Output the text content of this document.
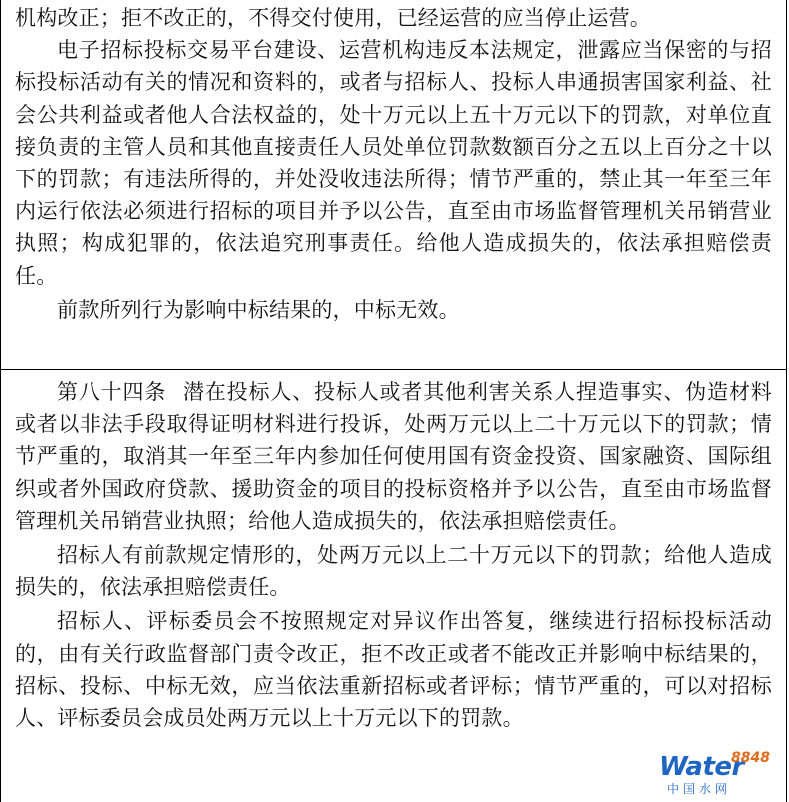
机构改正；拒不改正的，不得交付使用，已经运营的应当停止运营。

电子招标投标交易平台建设、运营机构违反本法规定，泄露应当保密的与招标投标活动有关的情况和资料的，或者与招标人、投标人串通损害国家利益、社会公共利益或者他人合法权益的，处十万元以上五十万元以下的罚款，对单位直接负责的主管人员和其他直接责任人员处单位罚款数额百分之五以上百分之十以下的罚款；有违法所得的，并处没收违法所得；情节严重的，禁止其一年至三年内运行依法必须进行招标的项目并予以公告，直至由市场监督管理机关吊销营业执照；构成犯罪的，依法追究刑事责任。给他人造成损失的，依法承担赔偿责任。

前款所列行为影响中标结果的，中标无效。

第八十四条 潜在投标人、投标人或者其他利害关系人捏造事实、伪造材料或者以非法手段取得证明材料进行投诉，处两万元以上二十万元以下的罚款；情节严重的，取消其一年至三年内参加任何使用国有资金投资、国家融资、国际组织或者外国政府贷款、援助资金的项目的投标资格并予以公告，直至由市场监督管理机关吊销营业执照；给他人造成损失的，依法承担赔偿责任。

招标人有前款规定情形的，处两万元以上二十万元以下的罚款；给他人造成损失的，依法承担赔偿责任。

招标人、评标委员会不按照规定对异议作出答复，继续进行招标投标活动的，由有关行政监督部门责令改正，拒不改正或者不能改正并影响中标结果的，招标、投标、中标无效，应当依法重新招标或者评标；情节严重的，可以对招标人、评标委员会成员处两万元以上十万元以下的罚款。

Water
8848
中国水网
